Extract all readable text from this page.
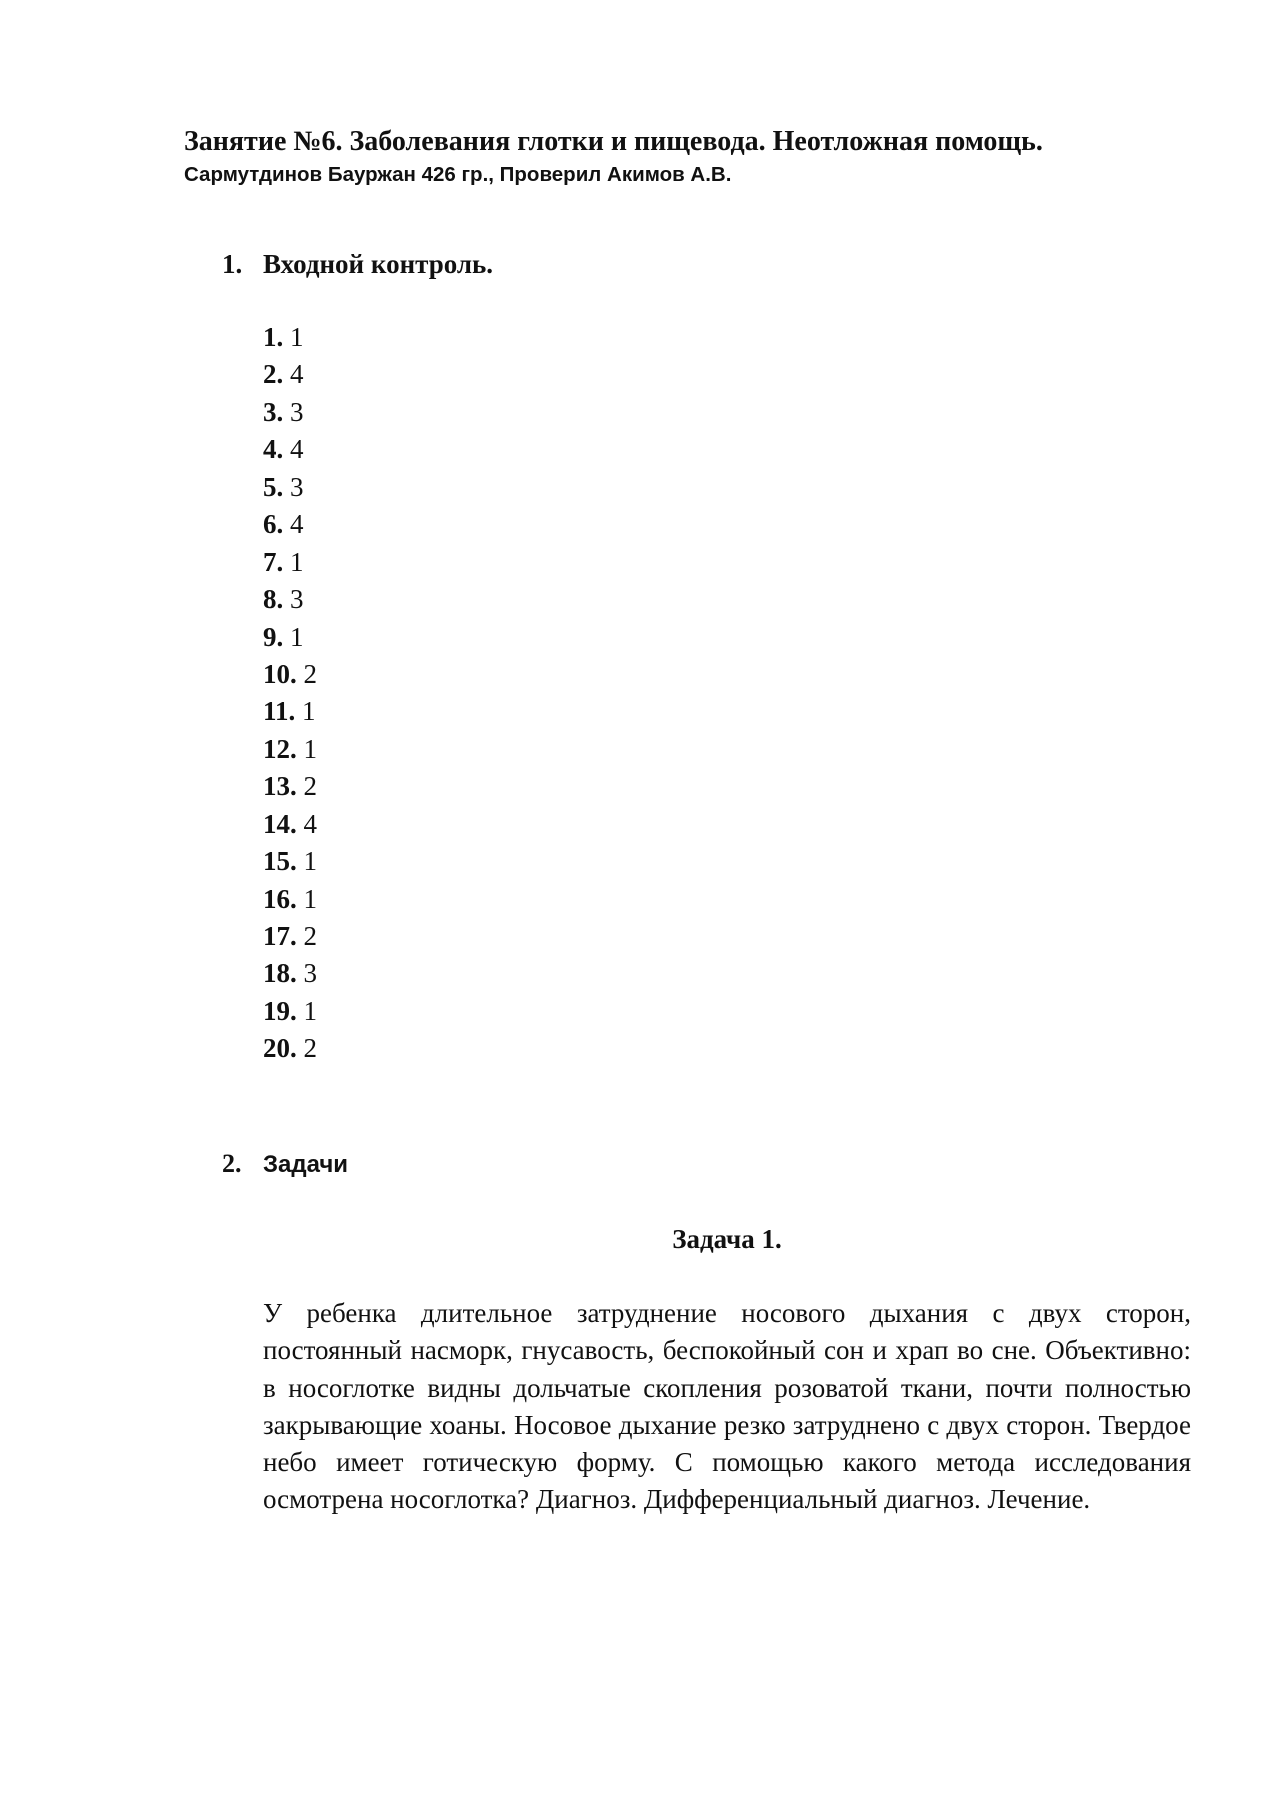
Занятие №6. Заболевания глотки и пищевода. Неотложная помощь.
Сармутдинов Бауржан 426 гр., Проверил Акимов А.В.
1. Входной контроль.
1. 1
2. 4
3. 3
4. 4
5. 3
6. 4
7. 1
8. 3
9. 1
10. 2
11. 1
12. 1
13. 2
14. 4
15. 1
16. 1
17. 2
18. 3
19. 1
20. 2
2. Задачи
Задача 1.

У ребенка длительное затруднение носового дыхания с двух сторон, постоянный насморк, гнусавость, беспокойный сон и храп во сне. Объективно: в носоглотке видны дольчатые скопления розоватой ткани, почти полностью закрывающие хоаны. Носовое дыхание резко затруднено с двух сторон. Твердое небо имеет готическую форму. С помощью какого метода исследования осмотрена носоглотка? Диагноз. Дифференциальный диагноз. Лечение.
